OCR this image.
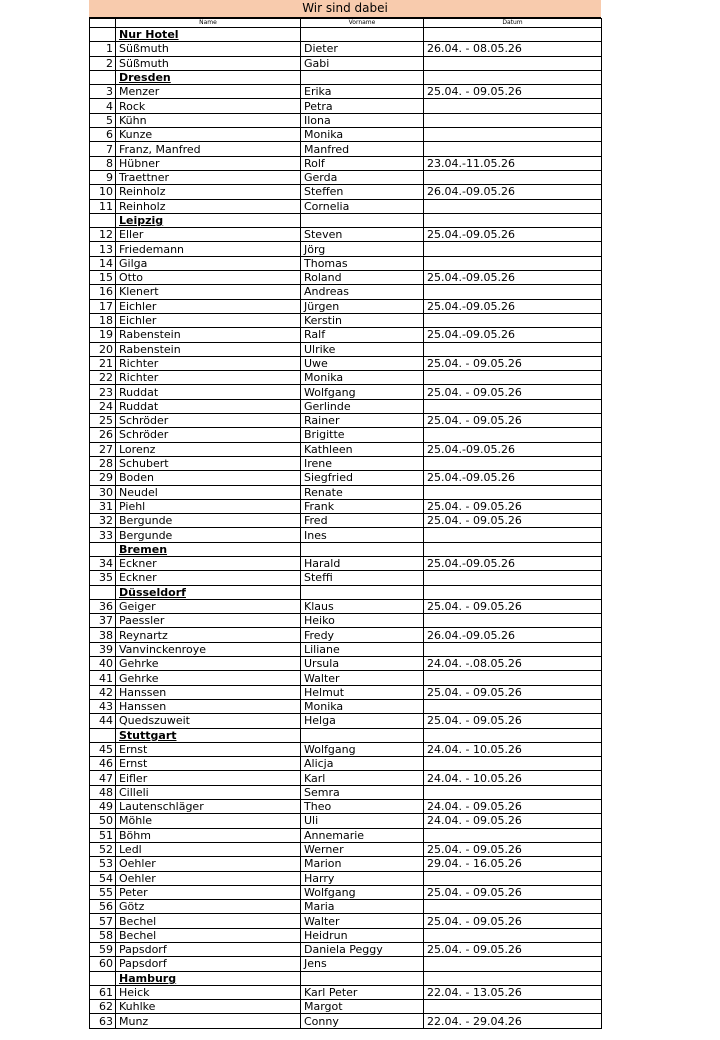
Wir sind dabei
	Name	Vorname	Datum
	Nur Hotel		
1	Süßmuth	Dieter	26.04. - 08.05.26
2	Süßmuth	Gabi	
	Dresden		
3	Menzer	Erika	25.04. - 09.05.26
4	Rock	Petra	
5	Kühn	Ilona	
6	Kunze	Monika	
7	Franz, Manfred	Manfred	
8	Hübner	Rolf	23.04.-11.05.26
9	Traettner	Gerda	
10	Reinholz	Steffen	26.04.-09.05.26
11	Reinholz	Cornelia	
	Leipzig		
12	Eller	Steven	25.04.-09.05.26
13	Friedemann	Jörg	
14	Gilga	Thomas	
15	Otto	Roland	25.04.-09.05.26
16	Klenert	Andreas	
17	Eichler	Jürgen	25.04.-09.05.26
18	Eichler	Kerstin	
19	Rabenstein	Ralf	25.04.-09.05.26
20	Rabenstein	Ulrike	
21	Richter	Uwe	25.04. - 09.05.26
22	Richter	Monika	
23	Ruddat	Wolfgang	25.04. - 09.05.26
24	Ruddat	Gerlinde	
25	Schröder	Rainer	25.04. - 09.05.26
26	Schröder	Brigitte	
27	Lorenz	Kathleen	25.04.-09.05.26
28	Schubert	Irene	
29	Boden	Siegfried	25.04.-09.05.26
30	Neudel	Renate	
31	Piehl	Frank	25.04. - 09.05.26
32	Bergunde	Fred	25.04. - 09.05.26
33	Bergunde	Ines	
	Bremen		
34	Eckner	Harald	25.04.-09.05.26
35	Eckner	Steffi	
	Düsseldorf		
36	Geiger	Klaus	25.04. - 09.05.26
37	Paessler	Heiko	
38	Reynartz	Fredy	26.04.-09.05.26
39	Vanvinckenroye	Liliane	
40	Gehrke	Ursula	24.04. -.08.05.26
41	Gehrke	Walter	
42	Hanssen	Helmut	25.04. - 09.05.26
43	Hanssen	Monika	
44	Quedszuweit	Helga	25.04. - 09.05.26
	Stuttgart		
45	Ernst	Wolfgang	24.04. - 10.05.26
46	Ernst	Alicja	
47	Eifler	Karl	24.04. - 10.05.26
48	Cilleli	Semra	
49	Lautenschläger	Theo	24.04. - 09.05.26
50	Möhle	Uli	24.04. - 09.05.26
51	Böhm	Annemarie	
52	Ledl	Werner	25.04. - 09.05.26
53	Oehler	Marion	29.04. - 16.05.26
54	Oehler	Harry	
55	Peter	Wolfgang	25.04. - 09.05.26
56	Götz	Maria	
57	Bechel	Walter	25.04. - 09.05.26
58	Bechel	Heidrun	
59	Papsdorf	Daniela Peggy	25.04. - 09.05.26
60	Papsdorf	Jens	
	Hamburg		
61	Heick	Karl Peter	22.04. - 13.05.26
62	Kuhlke	Margot	
63	Munz	Conny	22.04. - 29.04.26
